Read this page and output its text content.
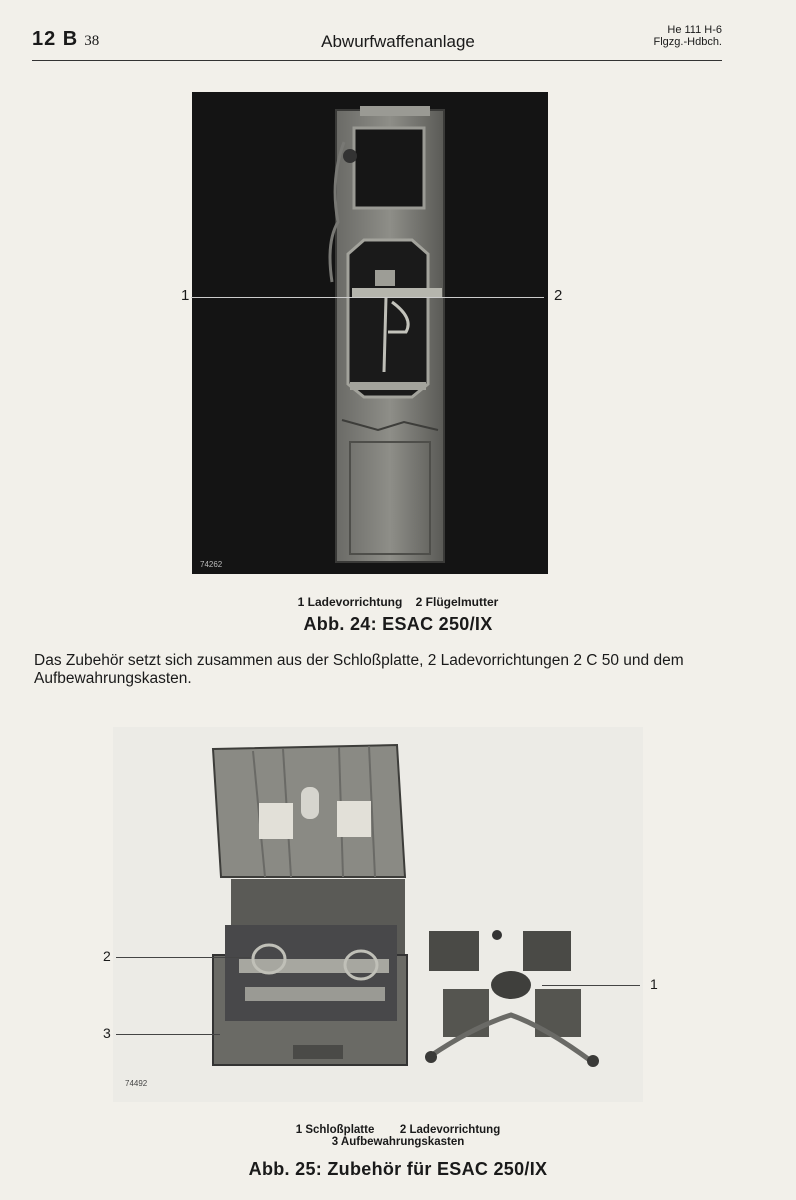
12 B 38	Abwurfwaffenanlage
He 111 H-6
Flgzg.-Hdbch.
74262
1	2
1 Ladevorrichtung    2 Flügelmutter
Abb. 24: ESAC 250/IX
Das Zubehör setzt sich zusammen aus der Schloßplatte, 2 Ladevorrichtungen 2 C 50 und dem Aufbewahrungskasten.
74492
2
3
1
1 Schloßplatte        2 Ladevorrichtung
3 Aufbewahrungskasten
Abb. 25: Zubehör für ESAC 250/IX
